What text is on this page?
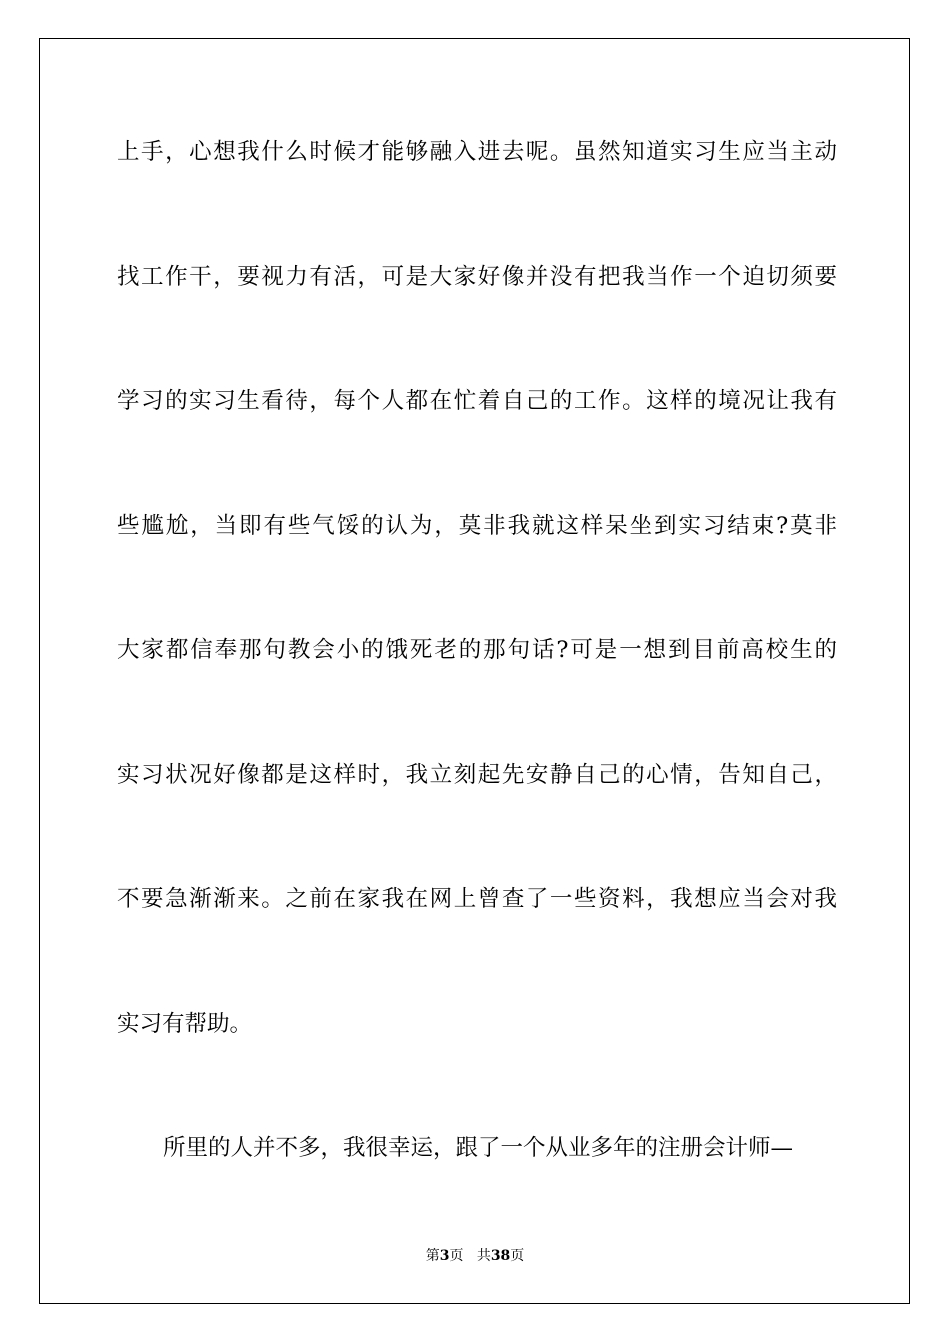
上手，心想我什么时候才能够融入进去呢。虽然知道实习生应当主动
找工作干，要视力有活，可是大家好像并没有把我当作一个迫切须要
学习的实习生看待，每个人都在忙着自己的工作。这样的境况让我有
些尴尬，当即有些气馁的认为，莫非我就这样呆坐到实习结束?莫非
大家都信奉那句教会小的饿死老的那句话?可是一想到目前高校生的
实习状况好像都是这样时，我立刻起先安静自己的心情，告知自己，
不要急渐渐来。之前在家我在网上曾查了一些资料，我想应当会对我
实习有帮助。
所里的人并不多，我很幸运，跟了一个从业多年的注册会计师—
第3页 共38页
